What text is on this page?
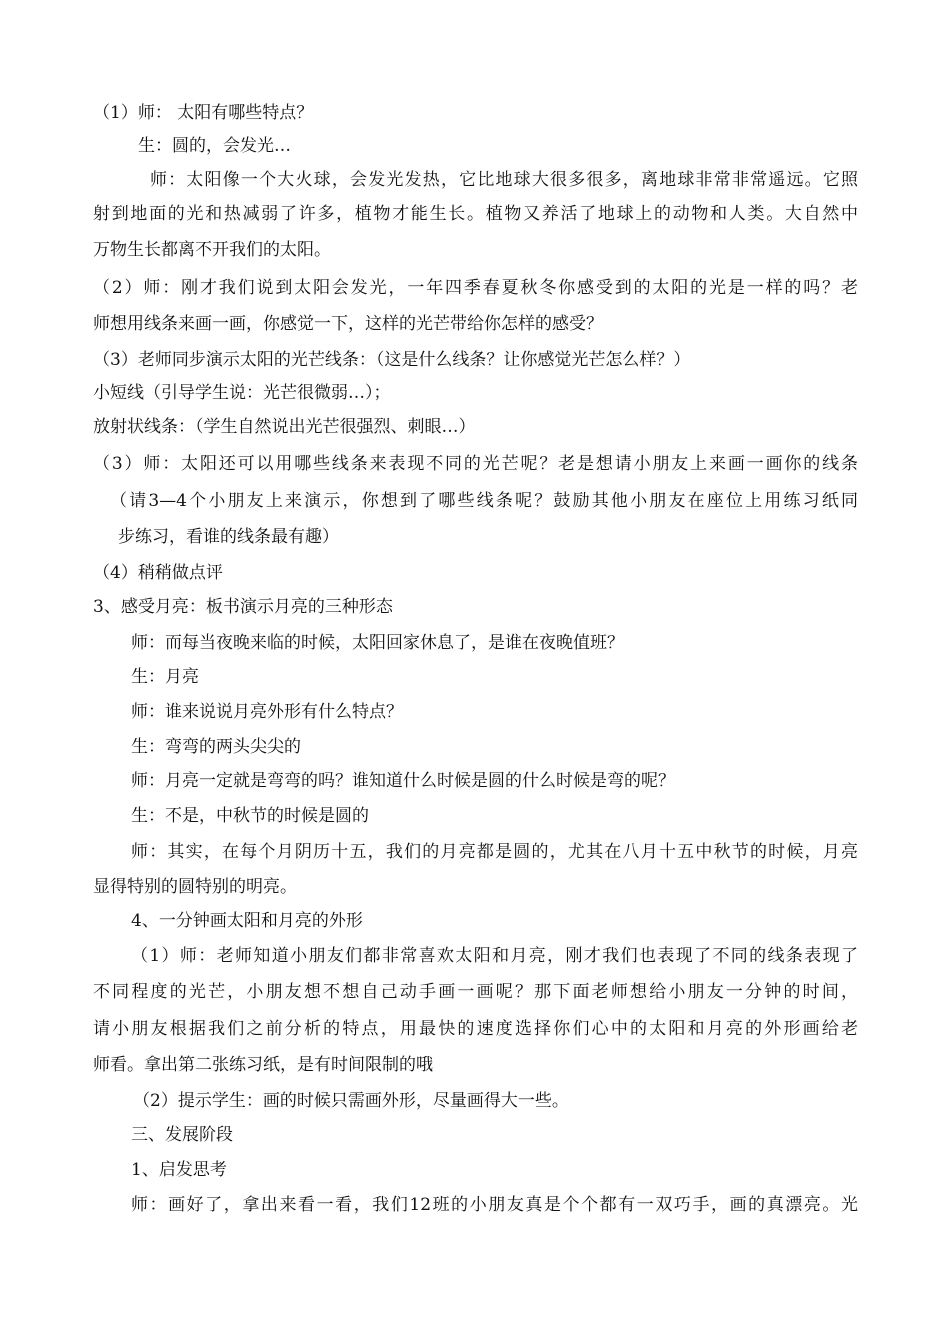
（1）师： 太阳有哪些特点？
生：圆的，会发光…
师：太阳像一个大火球，会发光发热，它比地球大很多很多，离地球非常非常遥远。它照
射到地面的光和热减弱了许多，植物才能生长。植物又养活了地球上的动物和人类。大自然中
万物生长都离不开我们的太阳。
（2）师：刚才我们说到太阳会发光，一年四季春夏秋冬你感受到的太阳的光是一样的吗？老
师想用线条来画一画，你感觉一下，这样的光芒带给你怎样的感受？
（3）老师同步演示太阳的光芒线条：（这是什么线条？让你感觉光芒怎么样？）
小短线（引导学生说：光芒很微弱…）；
放射状线条：（学生自然说出光芒很强烈、刺眼…）
（3）师：太阳还可以用哪些线条来表现不同的光芒呢？老是想请小朋友上来画一画你的线条
（请3—4个小朋友上来演示，你想到了哪些线条呢？鼓励其他小朋友在座位上用练习纸同
步练习，看谁的线条最有趣）
（4）稍稍做点评
3、感受月亮：板书演示月亮的三种形态
师：而每当夜晚来临的时候，太阳回家休息了，是谁在夜晚值班？
生：月亮
师：谁来说说月亮外形有什么特点？
生：弯弯的两头尖尖的
师：月亮一定就是弯弯的吗？谁知道什么时候是圆的什么时候是弯的呢？
生：不是，中秋节的时候是圆的
师：其实，在每个月阴历十五，我们的月亮都是圆的，尤其在八月十五中秋节的时候，月亮
显得特别的圆特别的明亮。
4、一分钟画太阳和月亮的外形
（1）师：老师知道小朋友们都非常喜欢太阳和月亮，刚才我们也表现了不同的线条表现了
不同程度的光芒，小朋友想不想自己动手画一画呢？那下面老师想给小朋友一分钟的时间，
请小朋友根据我们之前分析的特点，用最快的速度选择你们心中的太阳和月亮的外形画给老
师看。拿出第二张练习纸，是有时间限制的哦
（2）提示学生：画的时候只需画外形，尽量画得大一些。
三、发展阶段
1、启发思考
师：画好了，拿出来看一看，我们12班的小朋友真是个个都有一双巧手，画的真漂亮。光
